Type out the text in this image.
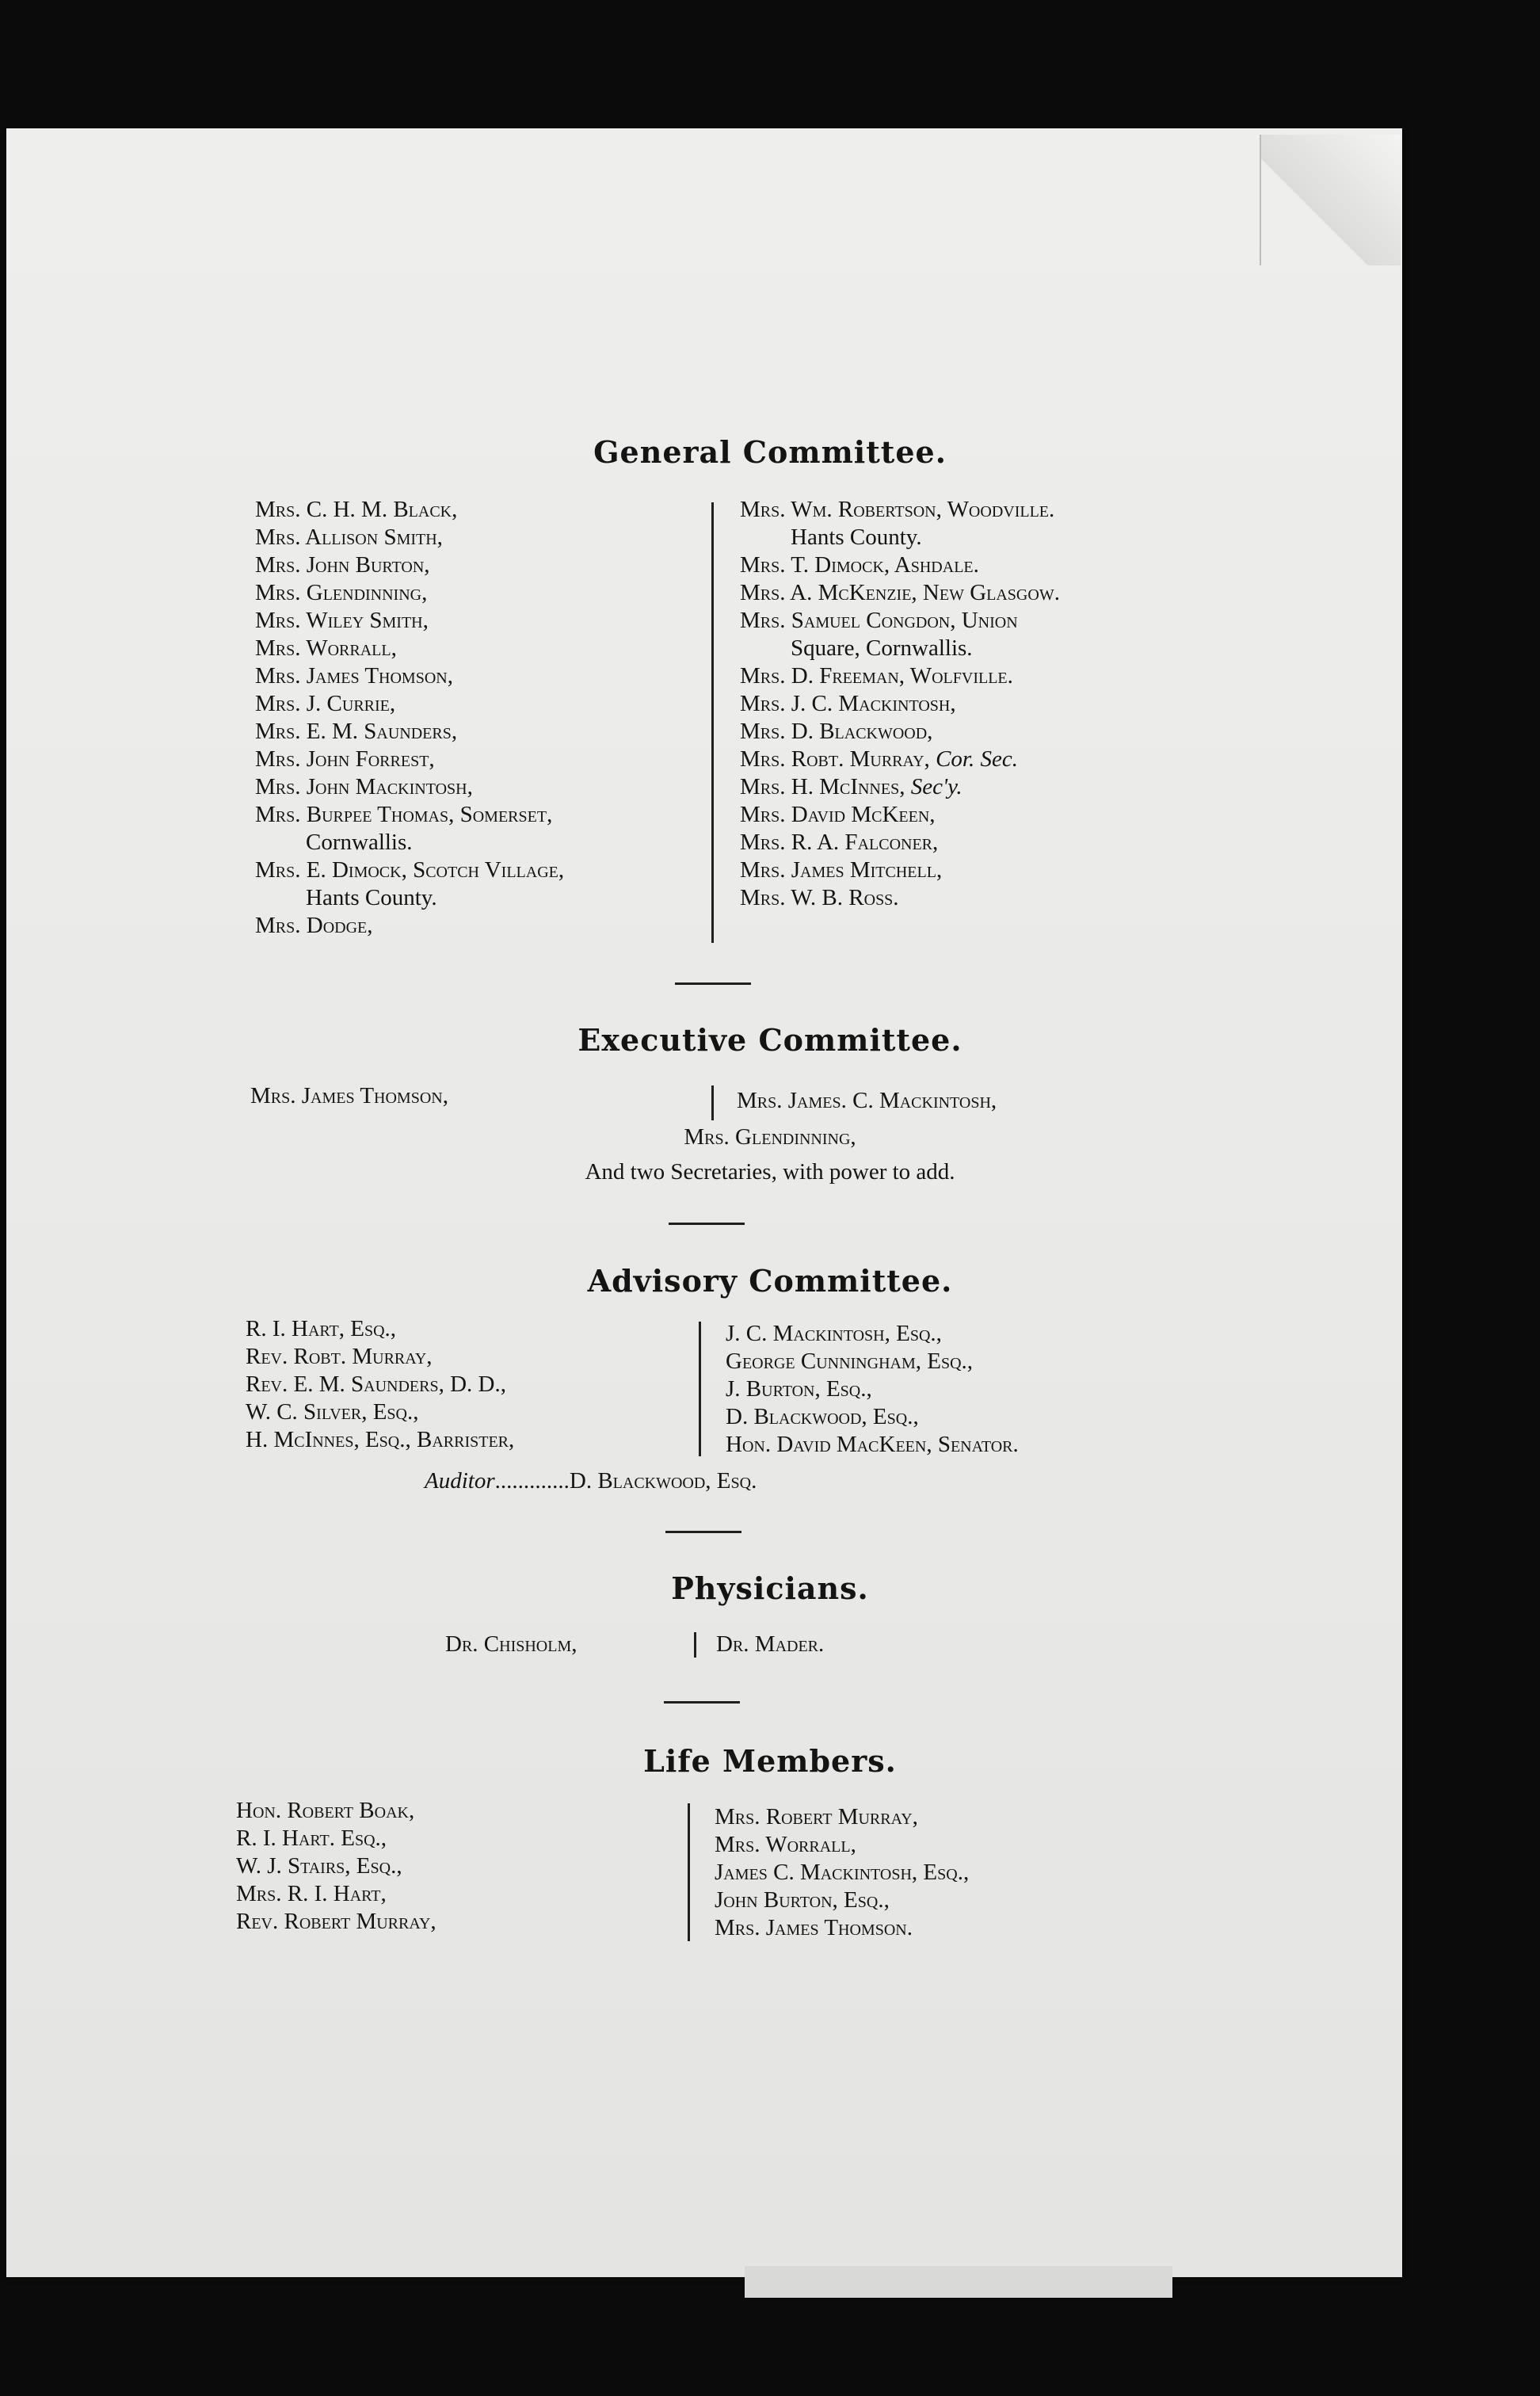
General Committee.
Mrs. C. H. M. Black,
Mrs. Allison Smith,
Mrs. John Burton,
Mrs. Glendinning,
Mrs. Wiley Smith,
Mrs. Worrall,
Mrs. James Thomson,
Mrs. J. Currie,
Mrs. E. M. Saunders,
Mrs. John Forrest,
Mrs. John Mackintosh,
Mrs. Burpee Thomas, Somerset,
Cornwallis.
Mrs. E. Dimock, Scotch Village,
Hants County.
Mrs. Dodge,
Mrs. Wm. Robertson, Woodville.
Hants County.
Mrs. T. Dimock, Ashdale.
Mrs. A. McKenzie, New Glasgow.
Mrs. Samuel Congdon, Union
Square, Cornwallis.
Mrs. D. Freeman, Wolfville.
Mrs. J. C. Mackintosh,
Mrs. D. Blackwood,
Mrs. Robt. Murray, Cor. Sec.
Mrs. H. McInnes, Sec'y.
Mrs. David McKeen,
Mrs. R. A. Falconer,
Mrs. James Mitchell,
Mrs. W. B. Ross.
Executive Committee.
Mrs. James Thomson,	Mrs. James. C. Mackintosh,
Mrs. Glendinning,
And two Secretaries, with power to add.
Advisory Committee.
R. I. Hart, Esq.,
Rev. Robt. Murray,
Rev. E. M. Saunders, D. D.,
W. C. Silver, Esq.,
H. McInnes, Esq., Barrister,
J. C. Mackintosh, Esq.,
George Cunningham, Esq.,
J. Burton, Esq.,
D. Blackwood, Esq.,
Hon. David MacKeen, Senator.
Auditor.............D. Blackwood, Esq.
Physicians.
Dr. Chisholm,	Dr. Mader.
Life Members.
Hon. Robert Boak,
R. I. Hart. Esq.,
W. J. Stairs, Esq.,
Mrs. R. I. Hart,
Rev. Robert Murray,
Mrs. Robert Murray,
Mrs. Worrall,
James C. Mackintosh, Esq.,
John Burton, Esq.,
Mrs. James Thomson.
